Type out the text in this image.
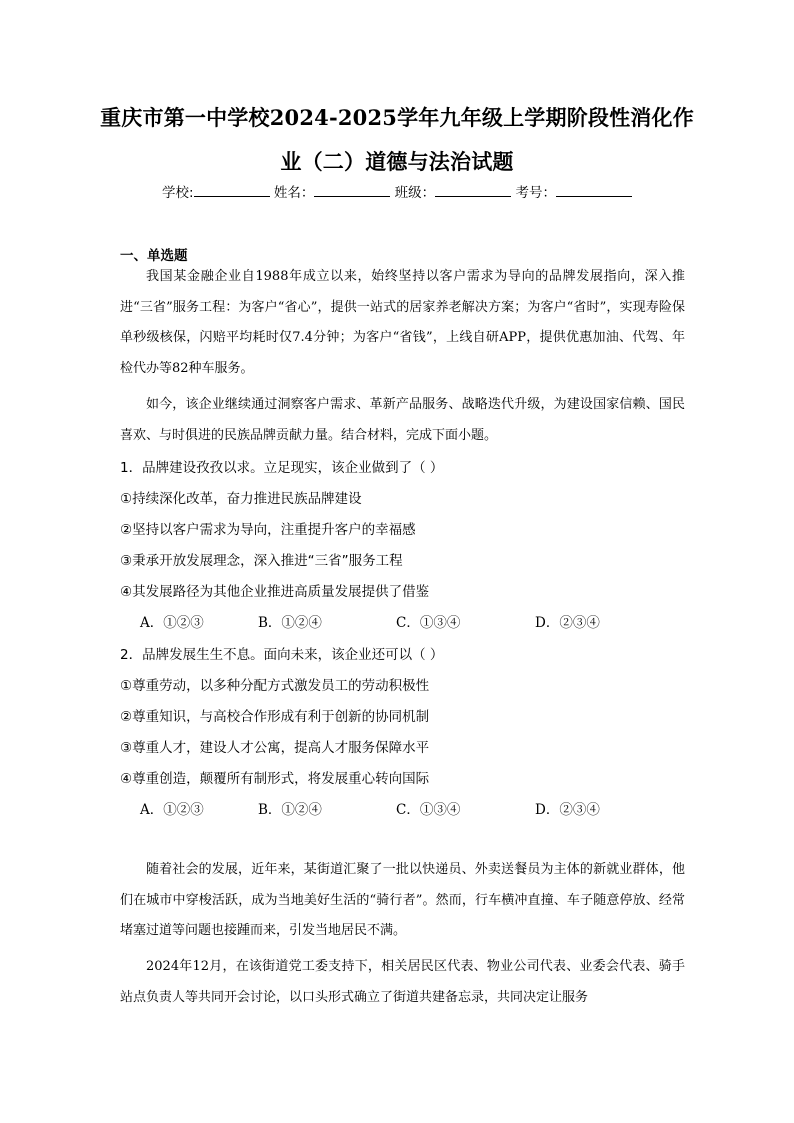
重庆市第一中学校2024-2025学年九年级上学期阶段性消化作
业（二）道德与法治试题
学校:	姓名：	班级：	考号：
一、单选题

我国某金融企业自1988年成立以来，始终坚持以客户需求为导向的品牌发展指向，深入推进“三省”服务工程：为客户“省心”，提供一站式的居家养老解决方案；为客户“省时”，实现寿险保单秒级核保，闪赔平均耗时仅7.4分钟；为客户“省钱”，上线自研APP，提供优惠加油、代驾、年检代办等82种车服务。

如今，该企业继续通过洞察客户需求、革新产品服务、战略迭代升级，为建设国家信赖、国民喜欢、与时俱进的民族品牌贡献力量。结合材料，完成下面小题。

1．品牌建设孜孜以求。立足现实，该企业做到了（ ）
①持续深化改革，奋力推进民族品牌建设
②坚持以客户需求为导向，注重提升客户的幸福感
③秉承开放发展理念，深入推进“三省”服务工程
④其发展路径为其他企业推进高质量发展提供了借鉴
A．①②③	B．①②④	C．①③④	D．②③④
2．品牌发展生生不息。面向未来，该企业还可以（ ）
①尊重劳动，以多种分配方式激发员工的劳动积极性
②尊重知识，与高校合作形成有利于创新的协同机制
③尊重人才，建设人才公寓，提高人才服务保障水平
④尊重创造，颠覆所有制形式，将发展重心转向国际
A．①②③	B．①②④	C．①③④	D．②③④

随着社会的发展，近年来，某街道汇聚了一批以快递员、外卖送餐员为主体的新就业群体，他们在城市中穿梭活跃，成为当地美好生活的“骑行者”。然而，行车横冲直撞、车子随意停放、经常堵塞过道等问题也接踵而来，引发当地居民不满。

2024年12月，在该街道党工委支持下，相关居民区代表、物业公司代表、业委会代表、骑手站点负责人等共同开会讨论，以口头形式确立了街道共建备忘录，共同决定让服务
